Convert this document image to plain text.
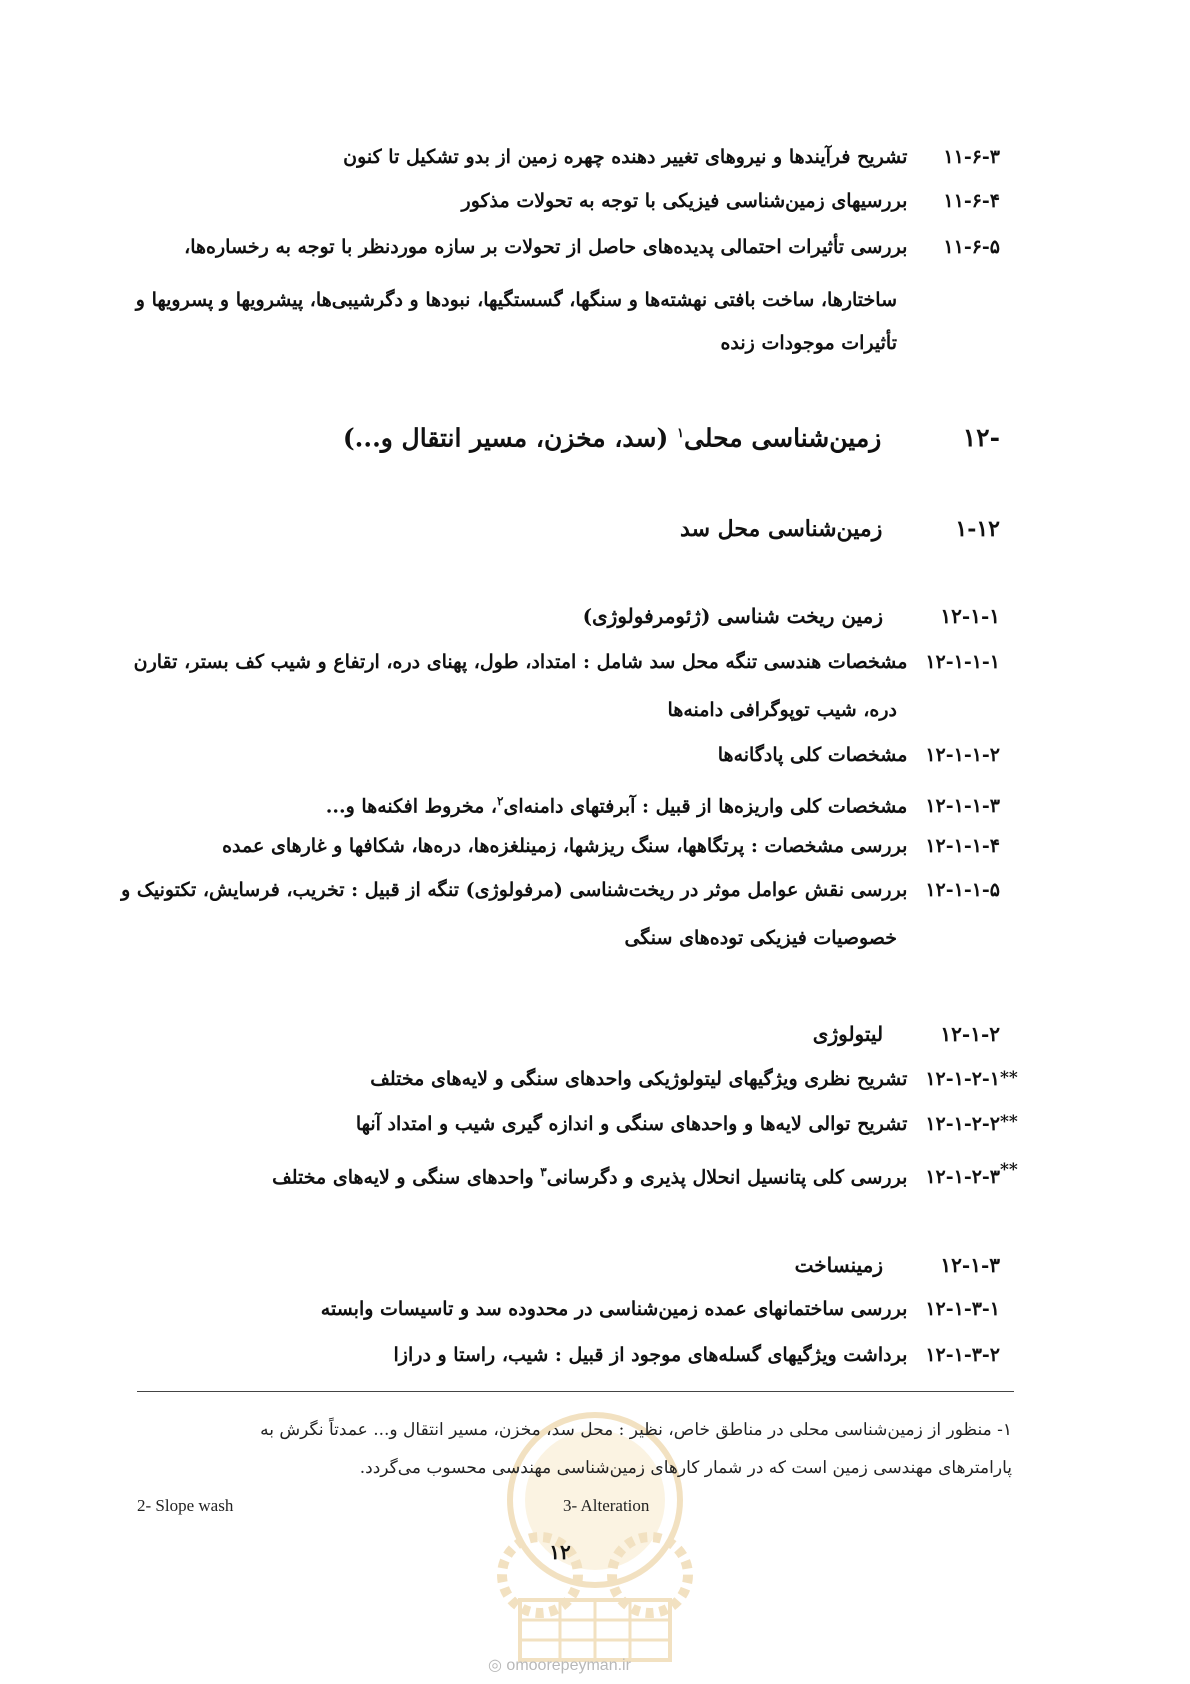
۱۱-۶-۳ تشریح فرآیندها و نیروهای تغییر دهنده چهره زمین از بدو تشکیل تا کنون
۱۱-۶-۴ بررسیهای زمین‌شناسی فیزیکی با توجه به تحولات مذکور
۱۱-۶-۵ بررسی تأثیرات احتمالی پدیده‌های حاصل از تحولات بر سازه موردنظر با توجه به رخساره‌ها،
ساختارها، ساخت بافتی نهشته‌ها و سنگها، گسستگیها، نبودها و دگرشیبی‌ها، پیشرویها و پسرویها و
تأثیرات موجودات زنده
-۱۲ زمین‌شناسی محلی$^۱$ (سد، مخزن، مسیر انتقال و...)
۱-۱۲ زمین‌شناسی محل سد
۱۲-۱-۱ زمین ریخت شناسی (ژئومرفولوژی)
۱۲-۱-۱-۱ مشخصات هندسی تنگه محل سد شامل : امتداد، طول، پهنای دره، ارتفاع و شیب کف بستر، تقارن
دره، شیب توپوگرافی دامنه‌ها
۱۲-۱-۱-۲ مشخصات کلی پادگانه‌ها
۱۲-۱-۱-۳ مشخصات کلی واریزه‌ها از قبیل : آبرفتهای دامنه‌ای$^۲$، مخروط افکنه‌ها و...
۱۲-۱-۱-۴ بررسی مشخصات : پرتگاهها، سنگ ریزشها، زمینلغزه‌ها، دره‌ها، شکافها و غارهای عمده
۱۲-۱-۱-۵ بررسی نقش عوامل موثر در ریخت‌شناسی (مرفولوژی) تنگه از قبیل : تخریب، فرسایش، تکتونیک و
خصوصیات فیزیکی توده‌های سنگی
۱۲-۱-۲ لیتولوژی
۱۲-۱-۲-۱ تشریح نظری ویژگیهای لیتولوژیکی واحدهای سنگی و لایه‌های مختلف
۱۲-۱-۲-۲ تشریح توالی لایه‌ها و واحدهای سنگی و اندازه گیری شیب و امتداد آنها
۱۲-۱-۲-۳ بررسی کلی پتانسیل انحلال پذیری و دگرسانی$^۳$ واحدهای سنگی و لایه‌های مختلف
**
**
**
۱۲-۱-۳ زمینساخت
۱۲-۱-۳-۱ بررسی ساختمانهای عمده زمین‌شناسی در محدوده سد و تاسیسات وابسته
۱۲-۱-۳-۲ برداشت ویژگیهای گسله‌های موجود از قبیل : شیب، راستا و درازا
۱- منظور از زمین‌شناسی محلی در مناطق خاص، نظیر : محل سد، مخزن، مسیر انتقال و... عمدتاً نگرش به
پارامترهای مهندسی زمین است که در شمار کارهای زمین‌شناسی مهندسی محسوب می‌گردد.
2- Slope wash	3- Alteration
۱۲
◎ omoorepeyman.ir
